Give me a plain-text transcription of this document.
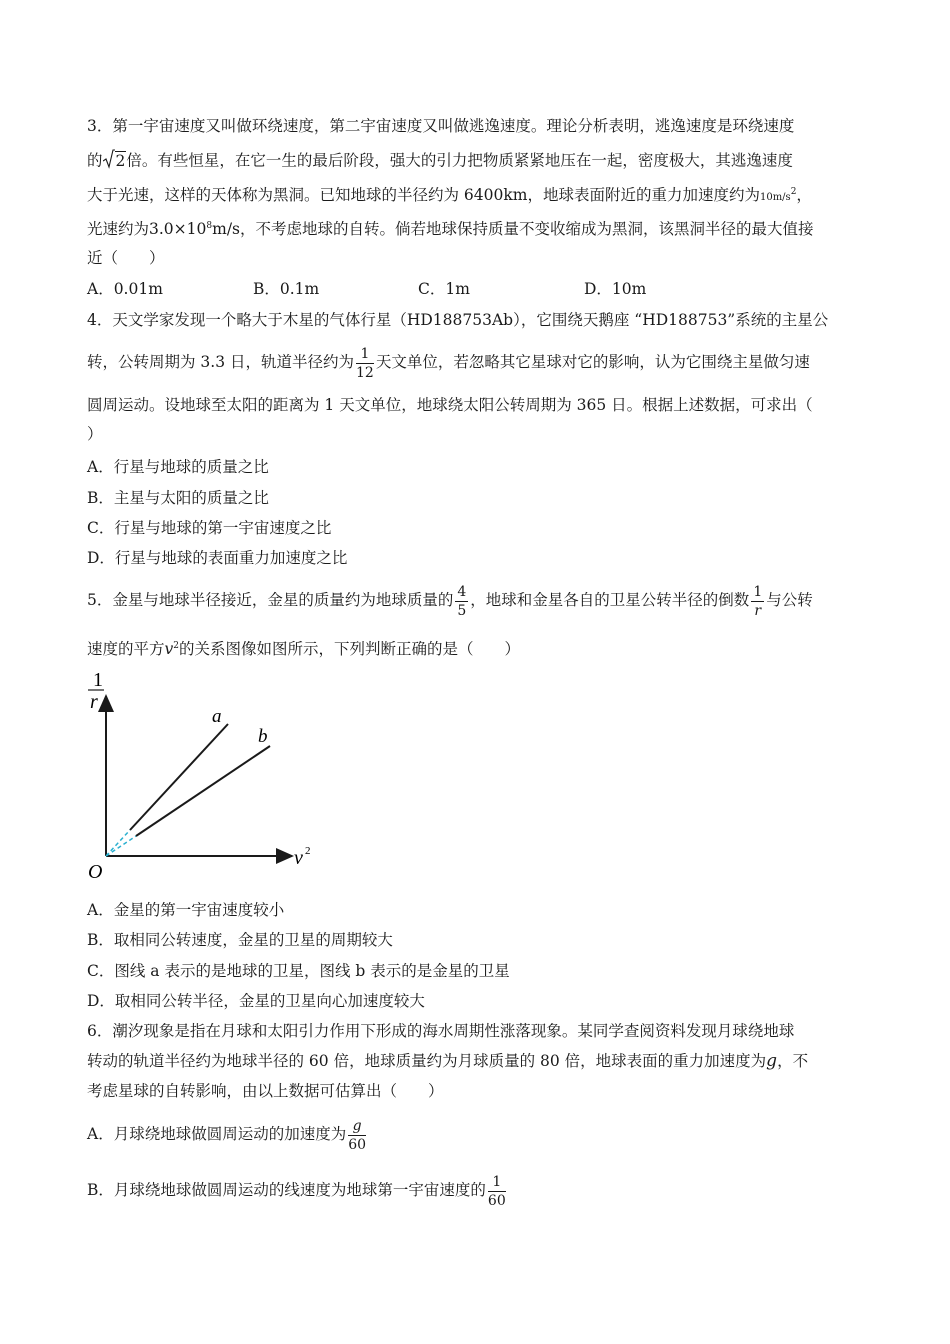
3．第一宇宙速度又叫做环绕速度，第二宇宙速度又叫做逃逸速度。理论分析表明，逃逸速度是环绕速度
的 2倍。有些恒星，在它一生的最后阶段，强大的引力把物质紧紧地压在一起，密度极大，其逃逸速度
大于光速，这样的天体称为黑洞。已知地球的半径约为 6400km，地球表面附近的重力加速度约为$10m/s^2$，
光速约为$3.0\times 10^8m/s$，不考虑地球的自转。倘若地球保持质量不变收缩成为黑洞，该黑洞半径的最大值接
近（　　）
A．0.01m	B．0.1m	C．1m	D．10m
4．天文学家发现一个略大于木星的气体行星（HD188753Ab），它围绕天鹅座 “HD188753”系统的主星公
转，公转周期为 3.3 日，轨道半径约为 $\frac{1}{12}$ 天文单位，若忽略其它星球对它的影响，认为它围绕主星做匀速
圆周运动。设地球至太阳的距离为 1 天文单位，地球绕太阳公转周期为 365 日。根据上述数据，可求出（
）
A．行星与地球的质量之比
B．主星与太阳的质量之比
C．行星与地球的第一宇宙速度之比
D．行星与地球的表面重力加速度之比
5．金星与地球半径接近，金星的质量约为地球质量的 $\frac{4}{5}$ ，地球和金星各自的卫星公转半径的倒数 $\frac{1}{r}$ 与公转
速度的平方$v^2$的关系图像如图所示，下列判断正确的是（　　）
1
r
O
v 2
a
b
A．金星的第一宇宙速度较小
B．取相同公转速度，金星的卫星的周期较大
C．图线 a 表示的是地球的卫星，图线 b 表示的是金星的卫星
D．取相同公转半径，金星的卫星向心加速度较大
6．潮汐现象是指在月球和太阳引力作用下形成的海水周期性涨落现象。某同学查阅资料发现月球绕地球
转动的轨道半径约为地球半径的 60 倍，地球质量约为月球质量的 80 倍，地球表面的重力加速度为g，不
考虑星球的自转影响，由以上数据可估算出（　　）
A．月球绕地球做圆周运动的加速度为 $\frac{g}{60}$
B．月球绕地球做圆周运动的线速度为地球第一宇宙速度的 $\frac{1}{60}$
